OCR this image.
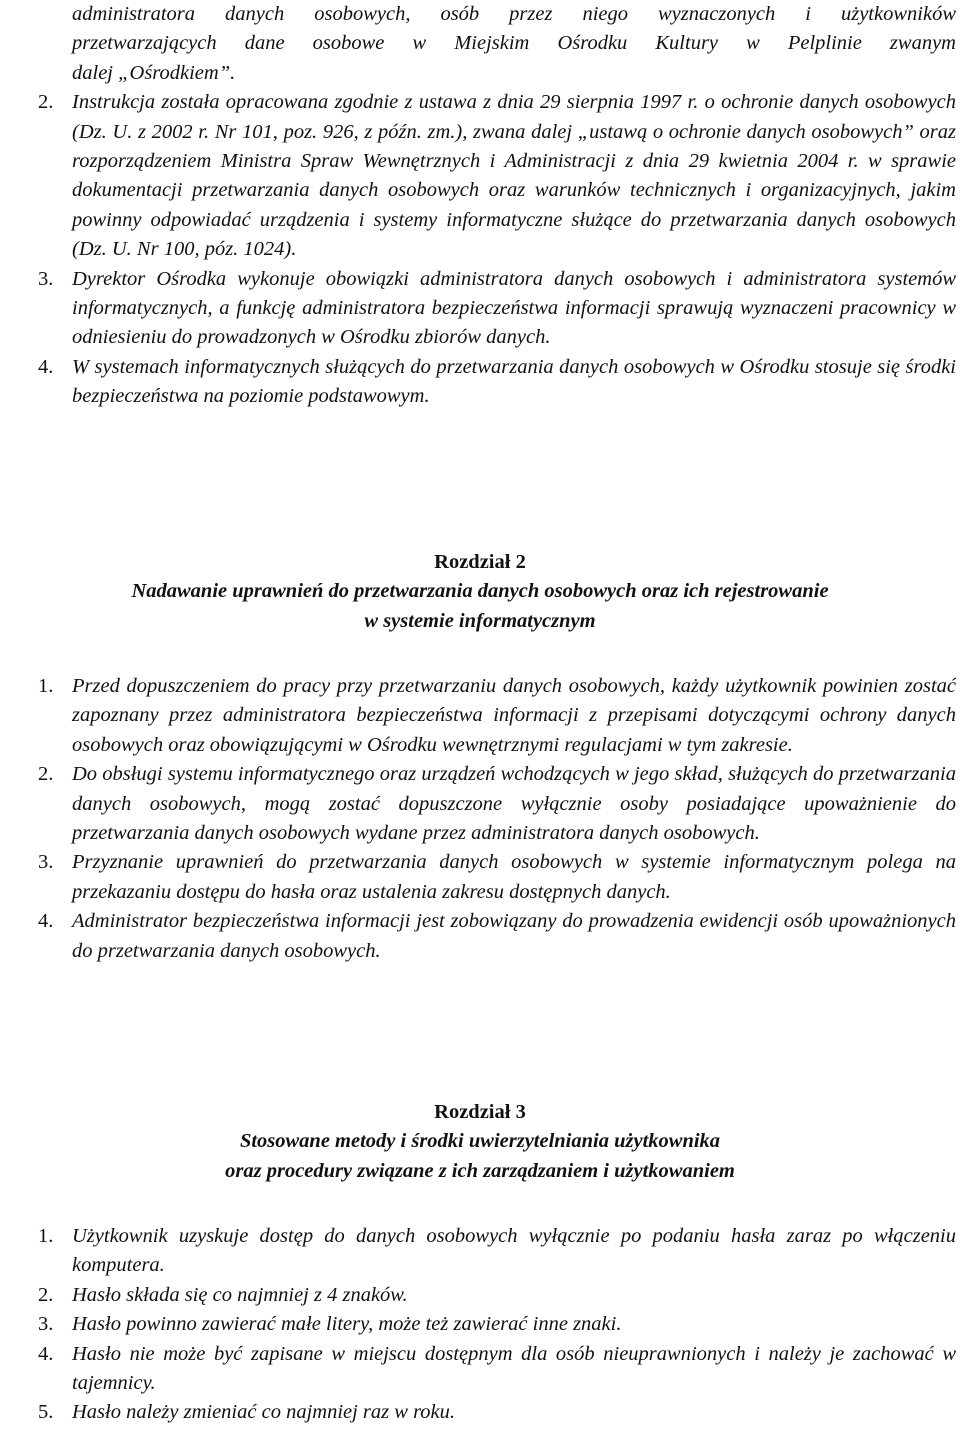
administratora danych osobowych, osób przez niego wyznaczonych i użytkowników
przetwarzających dane osobowe w Miejskim Ośrodku Kultury w Pelplinie zwanym
dalej „Ośrodkiem”.
2. Instrukcja została opracowana zgodnie z ustawa z dnia 29 sierpnia 1997 r. o ochronie danych osobowych (Dz. U. z 2002 r. Nr 101, poz. 926, z późn. zm.), zwana dalej „ustawą o ochronie danych osobowych” oraz rozporządzeniem Ministra Spraw Wewnętrznych i Administracji z dnia 29 kwietnia 2004 r. w sprawie dokumentacji przetwarzania danych osobowych oraz warunków technicznych i organizacyjnych, jakim powinny odpowiadać urządzenia i systemy informatyczne służące do przetwarzania danych osobowych (Dz. U. Nr 100, póz. 1024).
3. Dyrektor Ośrodka wykonuje obowiązki administratora danych osobowych i administratora systemów informatycznych, a funkcję administratora bezpieczeństwa informacji sprawują wyznaczeni pracownicy w odniesieniu do prowadzonych w Ośrodku zbiorów danych.
4. W systemach informatycznych służących do przetwarzania danych osobowych w Ośrodku stosuje się środki bezpieczeństwa na poziomie podstawowym.
Rozdział 2
Nadawanie uprawnień do przetwarzania danych osobowych oraz ich rejestrowanie
w systemie informatycznym
1. Przed dopuszczeniem do pracy przy przetwarzaniu danych osobowych, każdy użytkownik powinien zostać zapoznany przez administratora bezpieczeństwa informacji z przepisami dotyczącymi ochrony danych osobowych oraz obowiązującymi w Ośrodku wewnętrznymi regulacjami w tym zakresie.
2. Do obsługi systemu informatycznego oraz urządzeń wchodzących w jego skład, służących do przetwarzania danych osobowych, mogą zostać dopuszczone wyłącznie osoby posiadające upoważnienie do przetwarzania danych osobowych wydane przez administratora danych osobowych.
3. Przyznanie uprawnień do przetwarzania danych osobowych w systemie informatycznym polega na przekazaniu dostępu do hasła oraz ustalenia zakresu dostępnych danych.
4. Administrator bezpieczeństwa informacji jest zobowiązany do prowadzenia ewidencji osób upoważnionych do przetwarzania danych osobowych.
Rozdział 3
Stosowane metody i środki uwierzytelniania użytkownika
oraz procedury związane z ich zarządzaniem i użytkowaniem
1. Użytkownik uzyskuje dostęp do danych osobowych wyłącznie po podaniu hasła zaraz po włączeniu komputera.
2. Hasło składa się co najmniej z 4 znaków.
3. Hasło powinno zawierać małe litery, może też zawierać inne znaki.
4. Hasło nie może być zapisane w miejscu dostępnym dla osób nieuprawnionych i należy je zachować w tajemnicy.
5. Hasło należy zmieniać co najmniej raz w roku.
